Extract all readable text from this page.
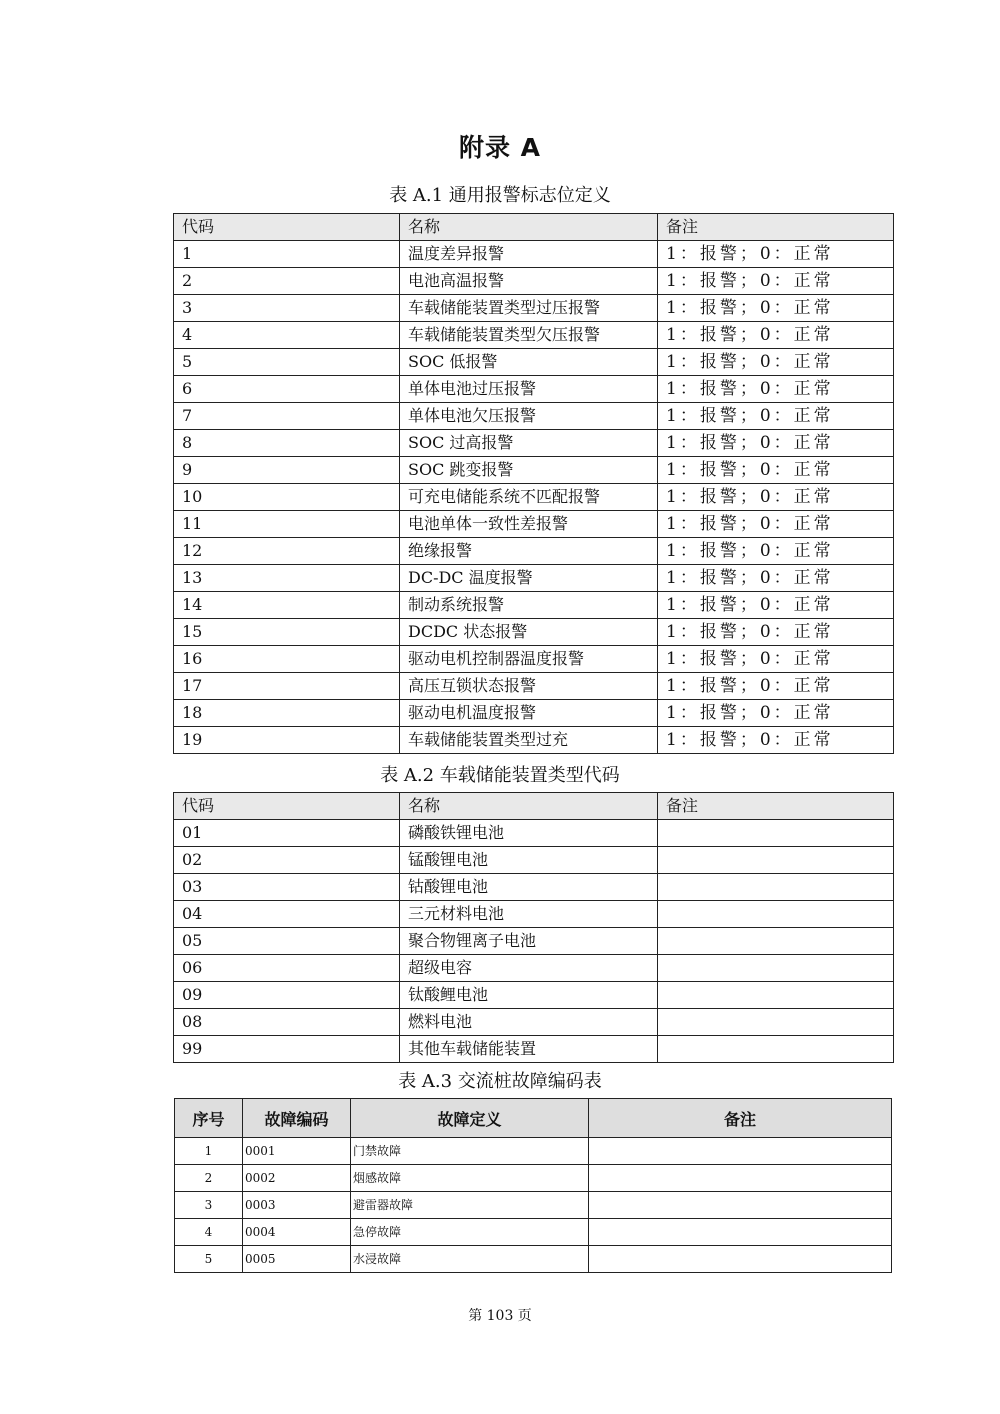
附录 A
表 A.1 通用报警标志位定义
代码	名称	备注
1	温度差异报警	1：报警；0：正常
2	电池高温报警	1：报警；0：正常
3	车载储能装置类型过压报警	1：报警；0：正常
4	车载储能装置类型欠压报警	1：报警；0：正常
5	SOC 低报警	1：报警；0：正常
6	单体电池过压报警	1：报警；0：正常
7	单体电池欠压报警	1：报警；0：正常
8	SOC 过高报警	1：报警；0：正常
9	SOC 跳变报警	1：报警；0：正常
10	可充电储能系统不匹配报警	1：报警；0：正常
11	电池单体一致性差报警	1：报警；0：正常
12	绝缘报警	1：报警；0：正常
13	DC-DC 温度报警	1：报警；0：正常
14	制动系统报警	1：报警；0：正常
15	DCDC 状态报警	1：报警；0：正常
16	驱动电机控制器温度报警	1：报警；0：正常
17	高压互锁状态报警	1：报警；0：正常
18	驱动电机温度报警	1：报警；0：正常
19	车载储能装置类型过充	1：报警；0：正常
表 A.2 车载储能装置类型代码
代码	名称	备注
01	磷酸铁锂电池	
02	锰酸锂电池	
03	钴酸锂电池	
04	三元材料电池	
05	聚合物锂离子电池	
06	超级电容	
09	钛酸鲤电池	
08	燃料电池	
99	其他车载储能装置	
表 A.3 交流桩故障编码表
序号	故障编码	故障定义	备注
1	0001	门禁故障	
2	0002	烟感故障	
3	0003	避雷器故障	
4	0004	急停故障	
5	0005	水浸故障	
第 103 页
